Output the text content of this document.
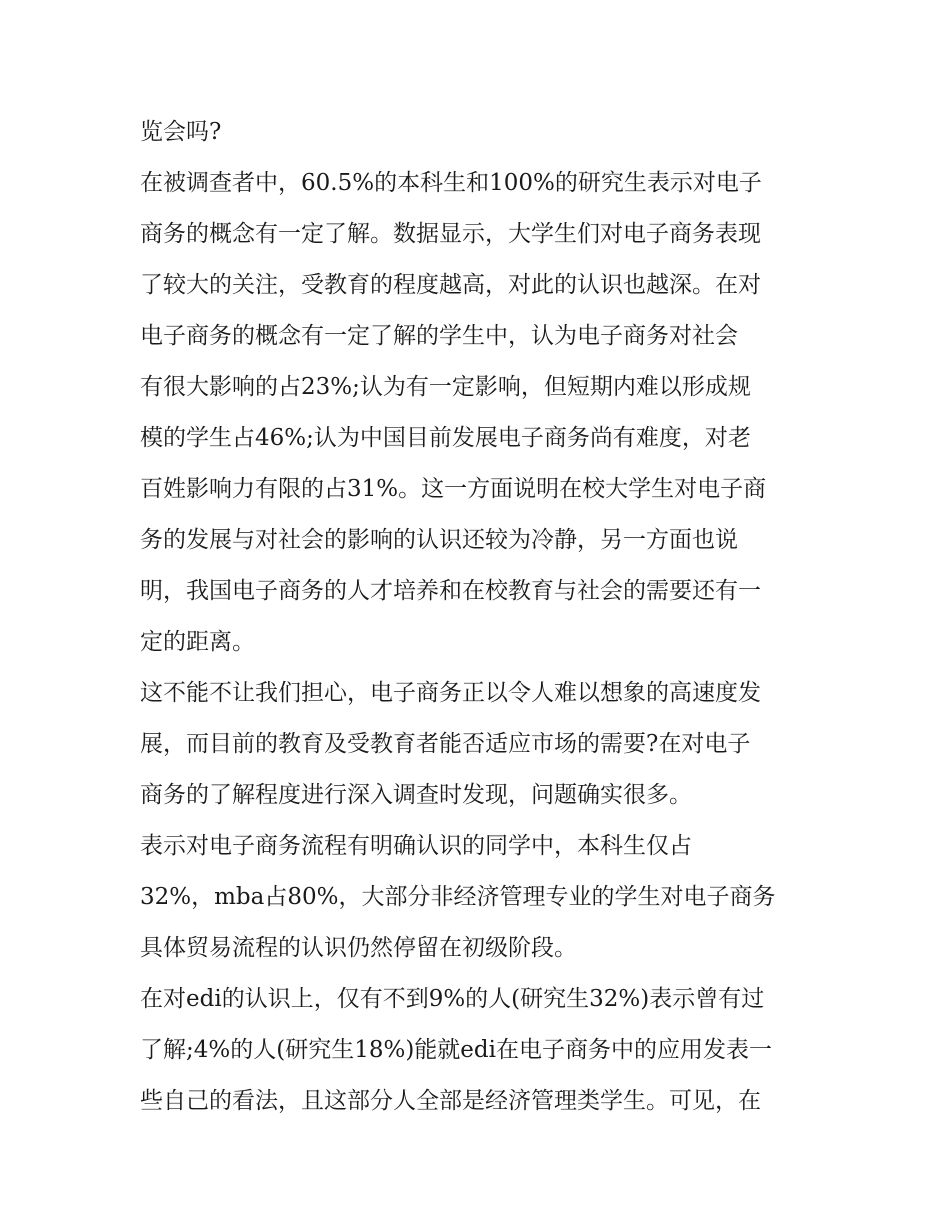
览会吗?
在被调查者中，60.5%的本科生和100%的研究生表示对电子
商务的概念有一定了解。数据显示，大学生们对电子商务表现
了较大的关注，受教育的程度越高，对此的认识也越深。在对
电子商务的概念有一定了解的学生中，认为电子商务对社会
有很大影响的占23%;认为有一定影响，但短期内难以形成规
模的学生占46%;认为中国目前发展电子商务尚有难度，对老
百姓影响力有限的占31%。这一方面说明在校大学生对电子商
务的发展与对社会的影响的认识还较为冷静，另一方面也说
明，我国电子商务的人才培养和在校教育与社会的需要还有一
定的距离。
这不能不让我们担心，电子商务正以令人难以想象的高速度发
展，而目前的教育及受教育者能否适应市场的需要?在对电子
商务的了解程度进行深入调查时发现，问题确实很多。
表示对电子商务流程有明确认识的同学中，本科生仅占
32%，mba占80%，大部分非经济管理专业的学生对电子商务
具体贸易流程的认识仍然停留在初级阶段。
在对edi的认识上，仅有不到9%的人(研究生32%)表示曾有过
了解;4%的人(研究生18%)能就edi在电子商务中的应用发表一
些自己的看法，且这部分人全部是经济管理类学生。可见，在
